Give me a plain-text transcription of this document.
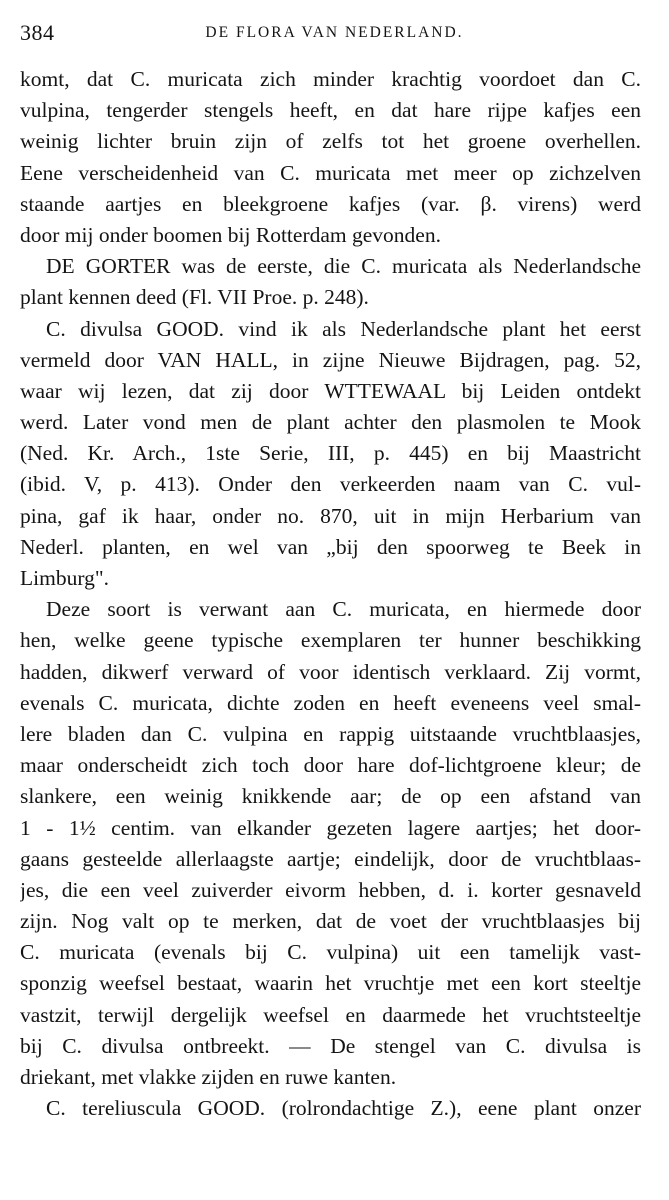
384	DE FLORA VAN NEDERLAND.
komt, dat C. muricata zich minder krachtig voordoet dan C.
vulpina, tengerder stengels heeft, en dat hare rijpe kafjes een
weinig lichter bruin zijn of zelfs tot het groene overhellen.
Eene verscheidenheid van C. muricata met meer op zichzelven
staande aartjes en bleekgroene kafjes (var. β. virens) werd
door mij onder boomen bij Rotterdam gevonden.
DE GORTER was de eerste, die C. muricata als Nederlandsche
plant kennen deed (Fl. VII Proe. p. 248).
C. divulsa GOOD. vind ik als Nederlandsche plant het eerst
vermeld door VAN HALL, in zijne Nieuwe Bijdragen, pag. 52,
waar wij lezen, dat zij door WTTEWAAL bij Leiden ontdekt
werd. Later vond men de plant achter den plasmolen te Mook
(Ned. Kr. Arch., 1ste Serie, III, p. 445) en bij Maastricht
(ibid. V, p. 413). Onder den verkeerden naam van C. vul-
pina, gaf ik haar, onder no. 870, uit in mijn Herbarium van
Nederl. planten, en wel van „bij den spoorweg te Beek in
Limburg".
Deze soort is verwant aan C. muricata, en hiermede door
hen, welke geene typische exemplaren ter hunner beschikking
hadden, dikwerf verward of voor identisch verklaard. Zij vormt,
evenals C. muricata, dichte zoden en heeft eveneens veel smal-
lere bladen dan C. vulpina en rappig uitstaande vruchtblaasjes,
maar onderscheidt zich toch door hare dof-lichtgroene kleur; de
slankere, een weinig knikkende aar; de op een afstand van
1 - 1½ centim. van elkander gezeten lagere aartjes; het door-
gaans gesteelde allerlaagste aartje; eindelijk, door de vruchtblaas-
jes, die een veel zuiverder eivorm hebben, d. i. korter gesnaveld
zijn. Nog valt op te merken, dat de voet der vruchtblaasjes bij
C. muricata (evenals bij C. vulpina) uit een tamelijk vast-
sponzig weefsel bestaat, waarin het vruchtje met een kort steeltje
vastzit, terwijl dergelijk weefsel en daarmede het vruchtsteeltje
bij C. divulsa ontbreekt. — De stengel van C. divulsa is
driekant, met vlakke zijden en ruwe kanten.
C. tereliuscula GOOD. (rolrondachtige Z.), eene plant onzer
